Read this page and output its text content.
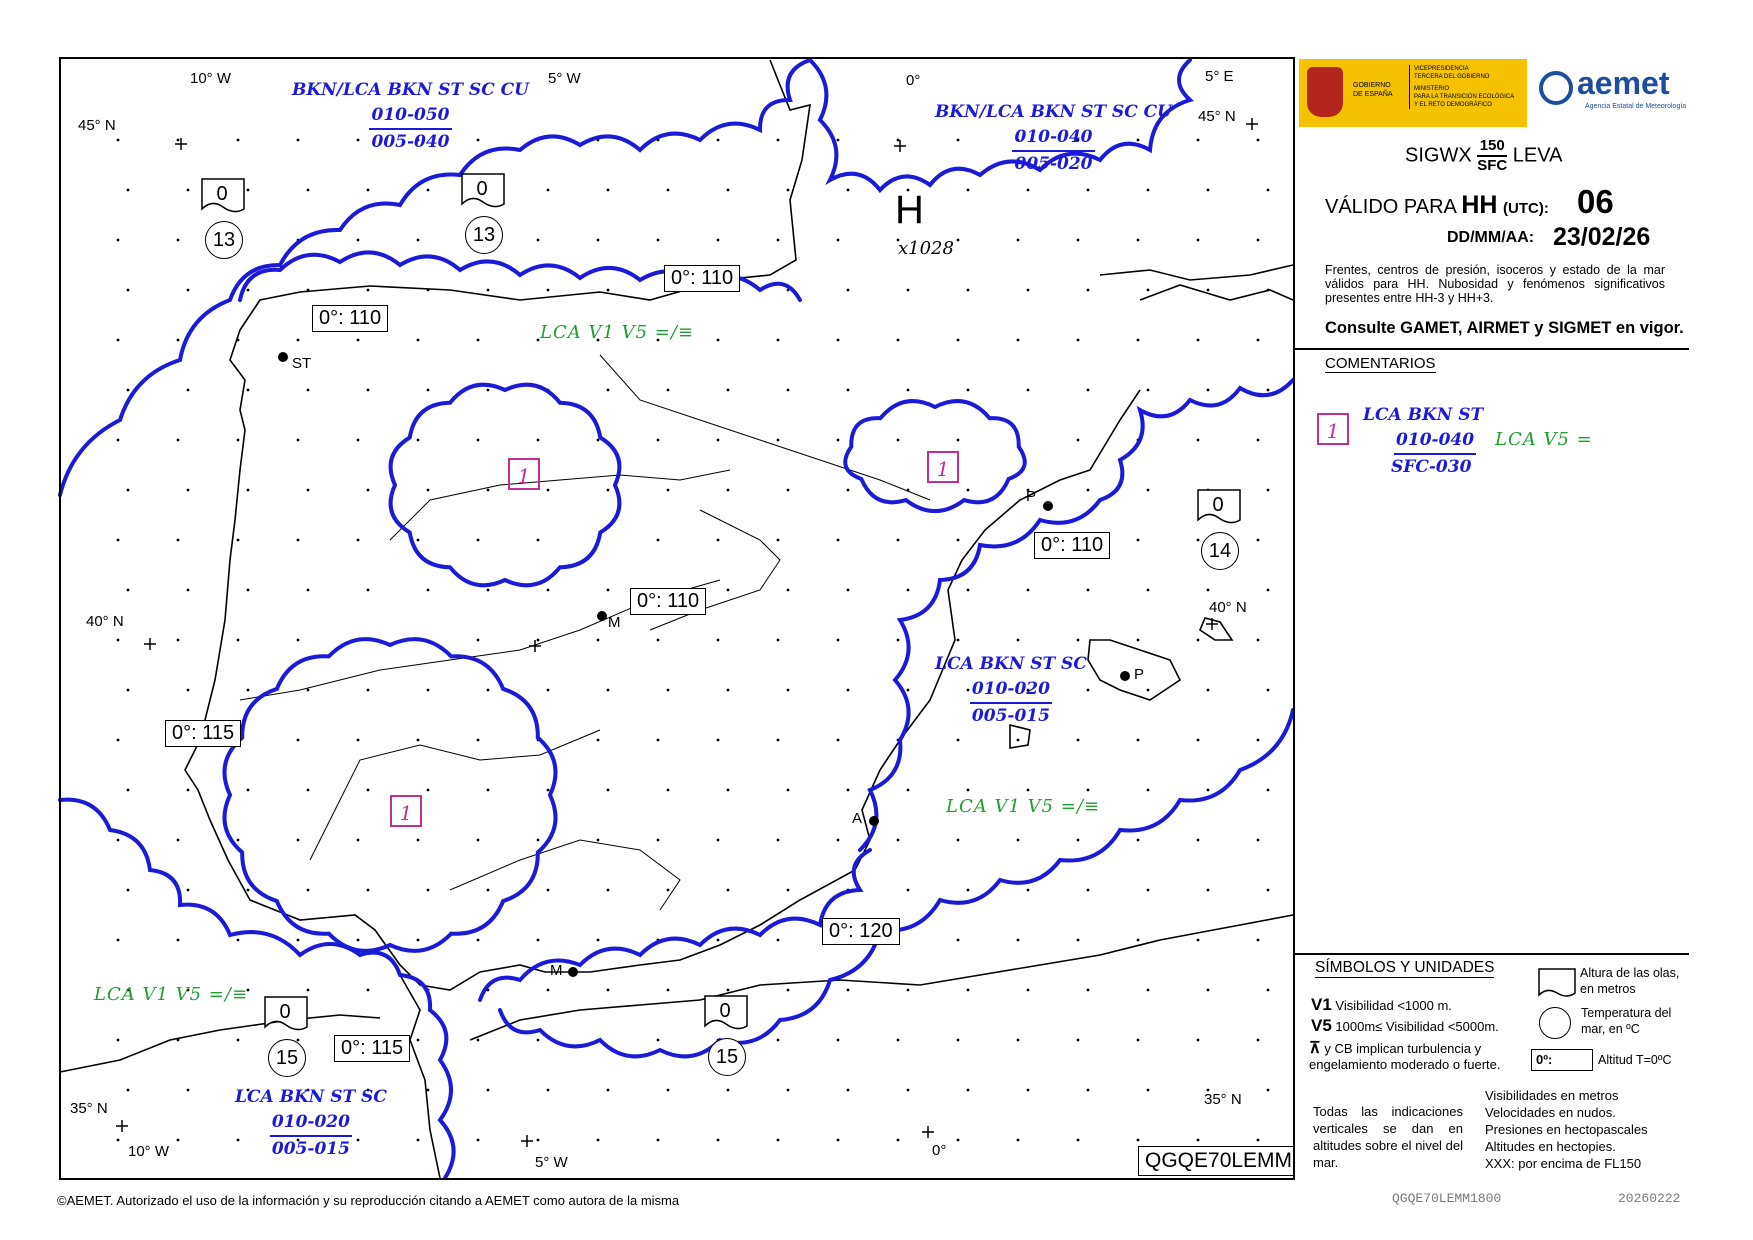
10° W	5° W	0°	5° E
10° W
5° W
0°
45° N
45° N
40° N
40° N
35° N
35° N
H
x1028
ST
M
P
A
M
P
0°: 110
0°: 110
0°: 110
0°: 110
0°: 115
0°: 115
0°: 120
BKN/LCA BKN ST SC CU
010-050
005-040
BKN/LCA BKN ST SC CU
010-040
005-020
LCA BKN ST SC
010-020
005-015
LCA BKN ST SC
010-020
005-015
LCA V1 V5 =/≡
LCA V1 V5 =/≡
LCA V1 V5 =/≡
1	1
1
0
13
0
13
0
14
0
15
0
15
QGQE70LEMM
GOBIERNO
DE ESPAÑA
VICEPRESIDENCIA
TERCERA DEL GOBIERNO
MINISTERIO
PARA LA TRANSICIÓN ECOLÓGICA
Y EL RETO DEMOGRÁFICO
aemet
Agencia Estatal de Meteorología
SIGWX 150
SFC LEVA
VÁLIDO PARA HH (UTC): 06
DD/MM/AA: 23/02/26
Frentes, centros de presión, isoceros y estado de la mar válidos para HH. Nubosidad y fenómenos significativos presentes entre HH-3 y HH+3.
Consulte GAMET, AIRMET y SIGMET en vigor.
COMENTARIOS
1
LCA BKN ST
010-040
SFC-030
LCA V5 =
SÍMBOLOS Y UNIDADES	Altura de las olas, en metros
Temperatura del mar, en ºC
V1 Visibilidad <1000 m.
V5 1000m≤ Visibilidad <5000m.
⊼ y CB implican turbulencia y engelamiento moderado o fuerte.	0º:	Altitud T=0ºC
Todas las indicaciones verticales se dan en altitudes sobre el nivel del mar.
Visibilidades en metros
Velocidades en nudos.
Presiones en hectopascales
Altitudes en hectopies.
XXX: por encima de FL150
©AEMET. Autorizado el uso de la información y su reproducción citando a AEMET como autora de la misma	QGQE70LEMM1800	20260222
